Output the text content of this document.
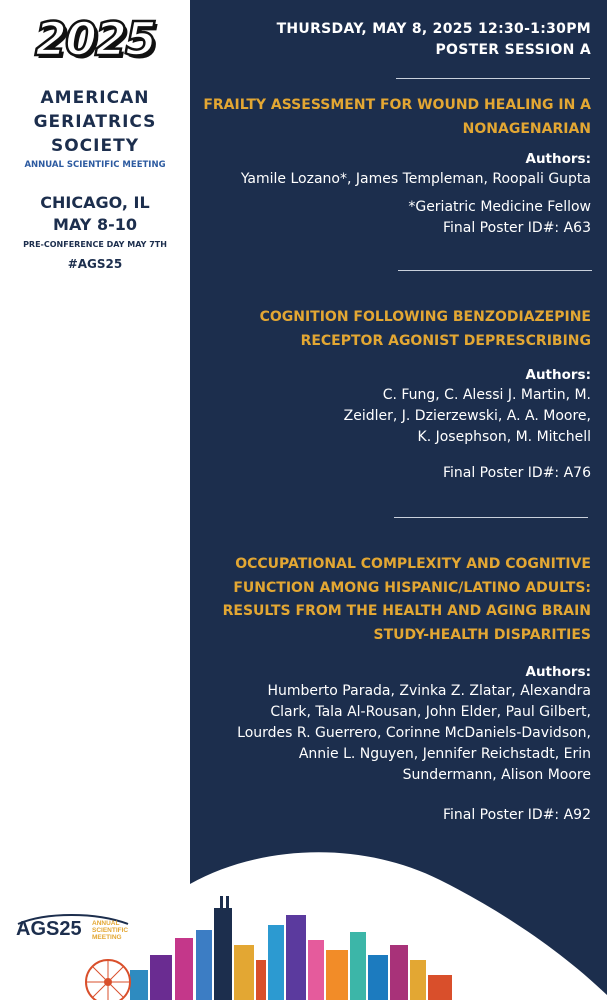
2025
AMERICAN
GERIATRICS
SOCIETY
ANNUAL SCIENTIFIC MEETING
CHICAGO, IL
MAY 8-10
PRE-CONFERENCE DAY MAY 7TH
#AGS25
THURSDAY, MAY 8, 2025 12:30-1:30PM
POSTER SESSION A
FRAILTY ASSESSMENT FOR WOUND HEALING IN A
NONAGENARIAN
Authors:
Yamile Lozano*, James Templeman, Roopali Gupta
*Geriatric Medicine Fellow
Final Poster ID#: A63
COGNITION FOLLOWING BENZODIAZEPINE
RECEPTOR AGONIST DEPRESCRIBING
Authors:
C. Fung, C. Alessi J. Martin, M.
Zeidler, J. Dzierzewski, A. A. Moore,
K. Josephson, M. Mitchell
Final Poster ID#: A76
OCCUPATIONAL COMPLEXITY AND COGNITIVE
FUNCTION AMONG HISPANIC/LATINO ADULTS:
RESULTS FROM THE HEALTH AND AGING BRAIN
STUDY-HEALTH DISPARITIES
Authors:
Humberto Parada, Zvinka Z. Zlatar, Alexandra
Clark, Tala Al-Rousan, John Elder, Paul Gilbert,
Lourdes R. Guerrero, Corinne McDaniels-Davidson,
Annie L. Nguyen, Jennifer Reichstadt, Erin
Sundermann, Alison Moore
Final Poster ID#: A92
AGS25 ANNUAL
SCIENTIFIC
MEETING
UC San Diego
